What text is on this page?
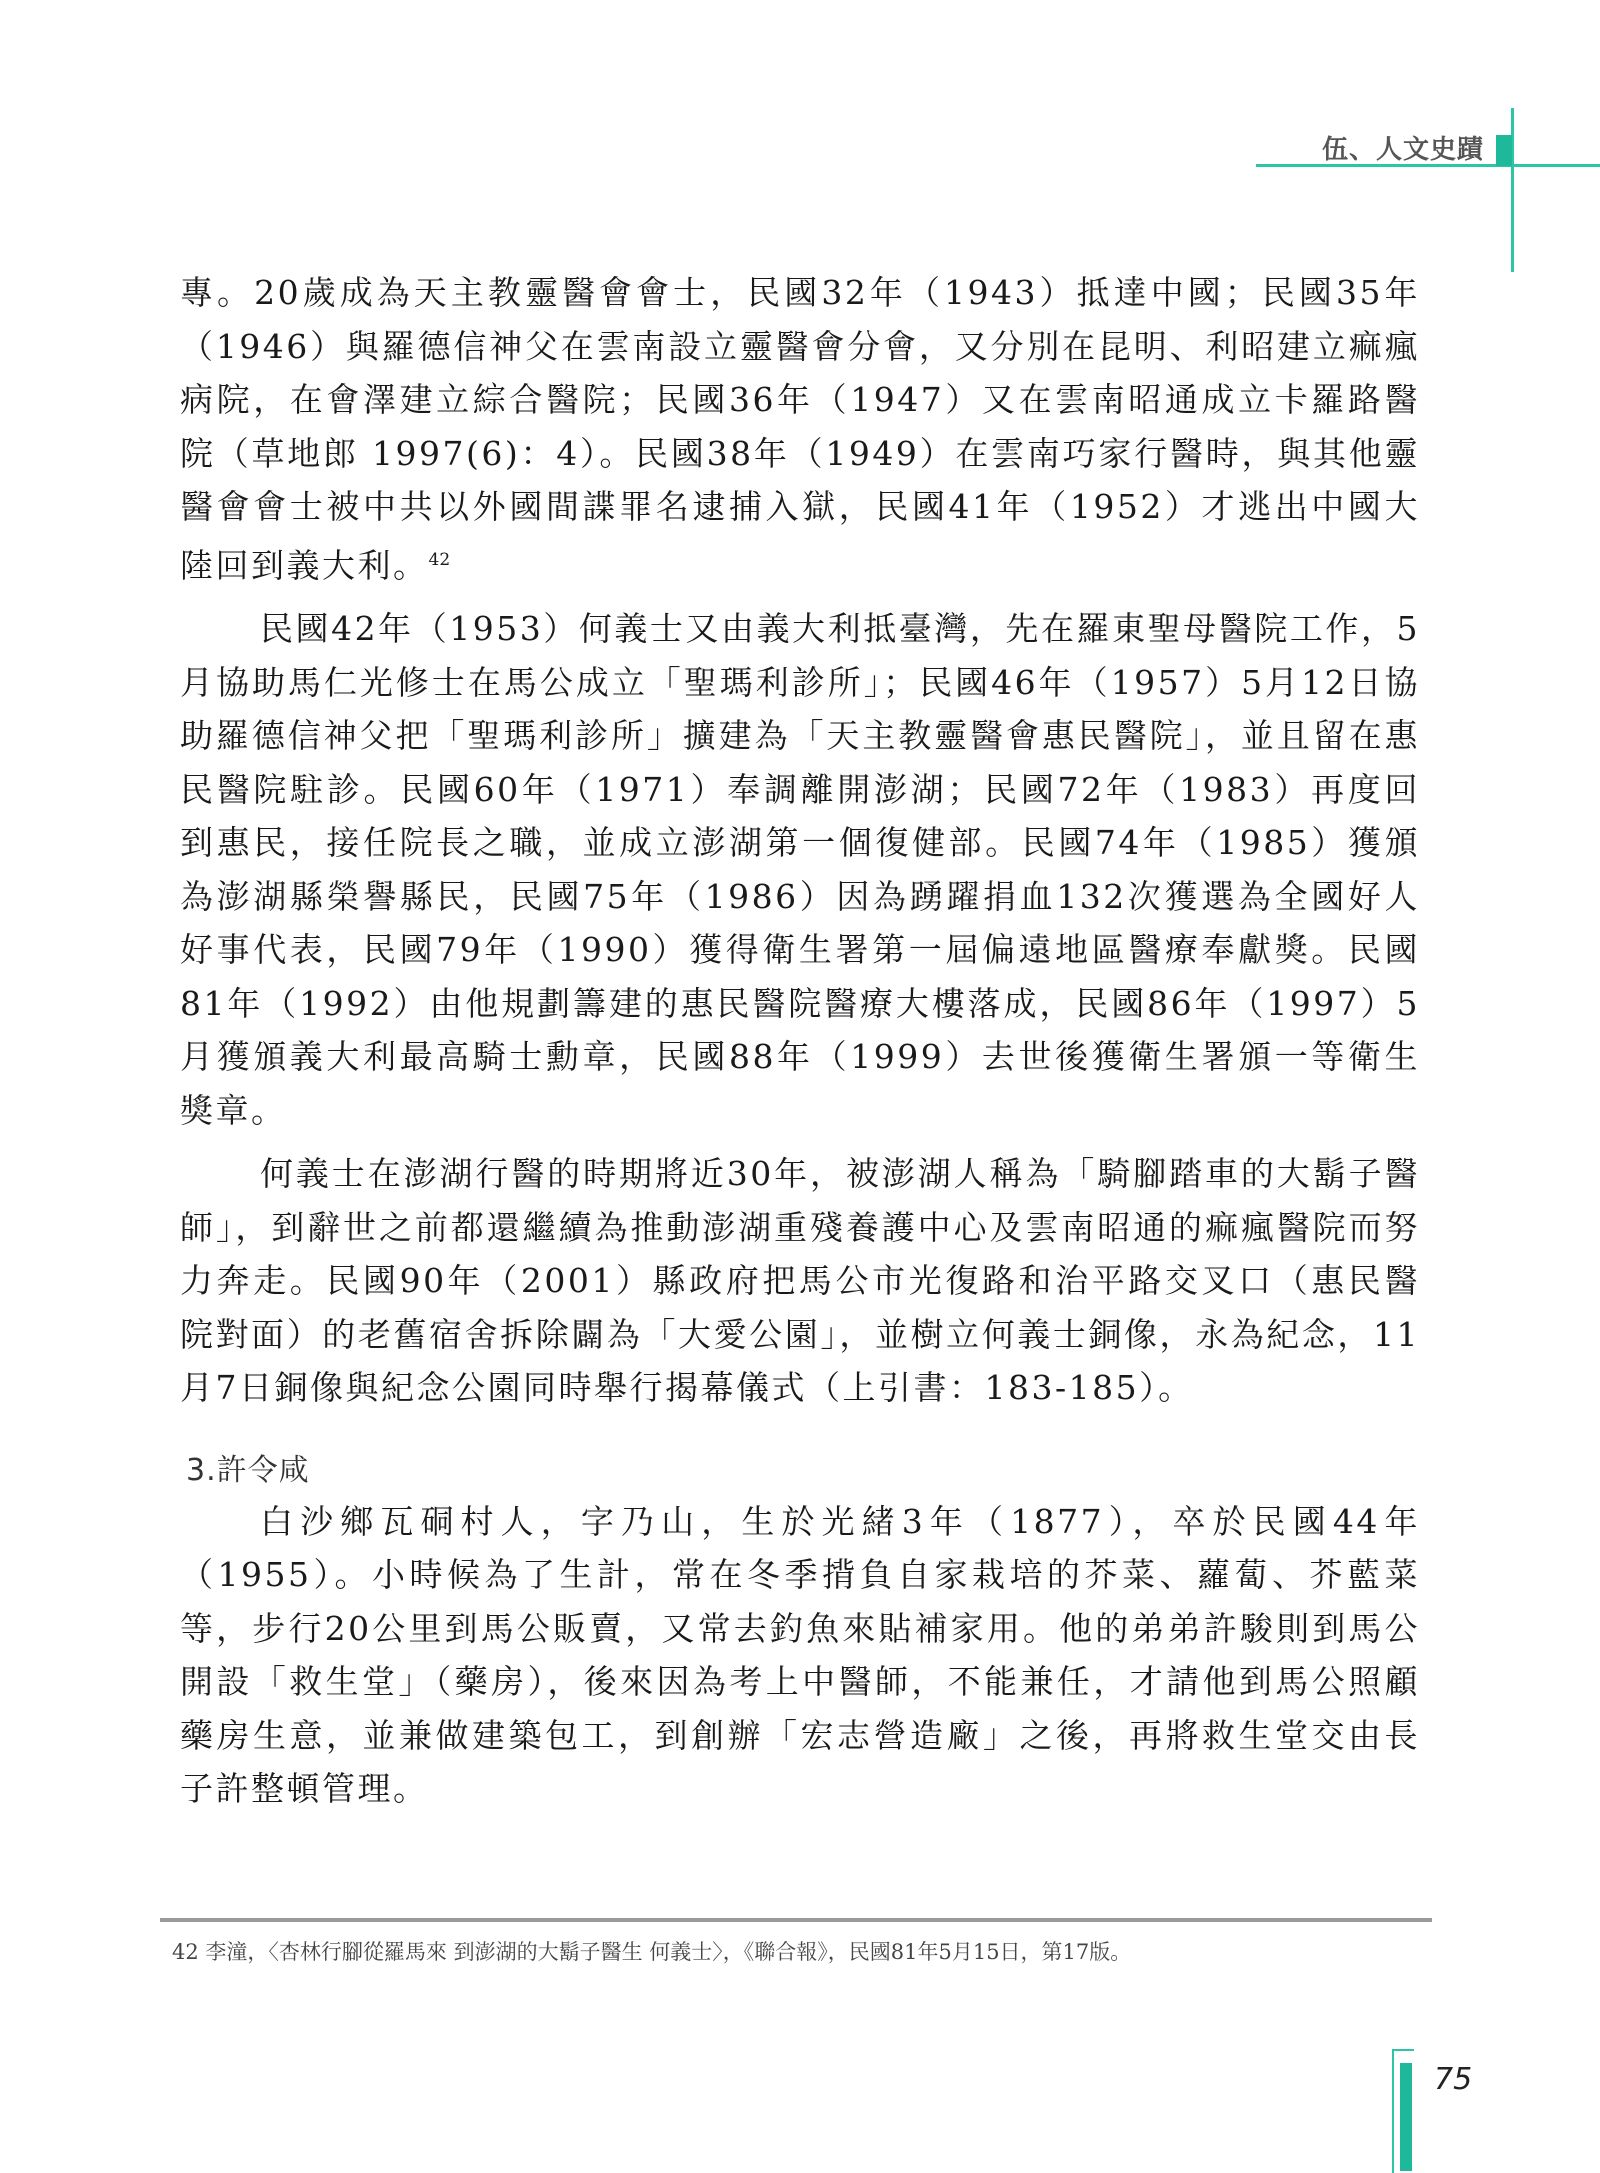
伍、人文史蹟

專。20歲成為天主教靈醫會會士，民國32年（1943）抵達中國；民國35年（1946）與羅德信神父在雲南設立靈醫會分會，又分別在昆明、利昭建立痲瘋病院，在會澤建立綜合醫院；民國36年（1947）又在雲南昭通成立卡羅路醫院（草地郎 1997(6)：4）。民國38年（1949）在雲南巧家行醫時，與其他靈醫會會士被中共以外國間諜罪名逮捕入獄，民國41年（1952）才逃出中國大陸回到義大利。$^{42}$

民國42年（1953）何義士又由義大利抵臺灣，先在羅東聖母醫院工作，5月協助馬仁光修士在馬公成立「聖瑪利診所」；民國46年（1957）5月12日協助羅德信神父把「聖瑪利診所」擴建為「天主教靈醫會惠民醫院」，並且留在惠民醫院駐診。民國60年（1971）奉調離開澎湖；民國72年（1983）再度回到惠民，接任院長之職，並成立澎湖第一個復健部。民國74年（1985）獲頒為澎湖縣榮譽縣民，民國75年（1986）因為踴躍捐血132次獲選為全國好人好事代表，民國79年（1990）獲得衛生署第一屆偏遠地區醫療奉獻獎。民國81年（1992）由他規劃籌建的惠民醫院醫療大樓落成，民國86年（1997）5月獲頒義大利最高騎士勳章，民國88年（1999）去世後獲衛生署頒一等衛生獎章。

何義士在澎湖行醫的時期將近30年，被澎湖人稱為「騎腳踏車的大鬍子醫師」，到辭世之前都還繼續為推動澎湖重殘養護中心及雲南昭通的痲瘋醫院而努力奔走。民國90年（2001）縣政府把馬公市光復路和治平路交叉口（惠民醫院對面）的老舊宿舍拆除闢為「大愛公園」，並樹立何義士銅像，永為紀念，11月7日銅像與紀念公園同時舉行揭幕儀式（上引書：183-185）。

3.許令咸

白沙鄉瓦硐村人，字乃山，生於光緒3年（1877），卒於民國44年（1955）。小時候為了生計，常在冬季揹負自家栽培的芥菜、蘿蔔、芥藍菜等，步行20公里到馬公販賣，又常去釣魚來貼補家用。他的弟弟許駿則到馬公開設「救生堂」（藥房），後來因為考上中醫師，不能兼任，才請他到馬公照顧藥房生意，並兼做建築包工，到創辦「宏志營造廠」之後，再將救生堂交由長子許整頓管理。

42 李潼，〈杏林行腳從羅馬來 到澎湖的大鬍子醫生 何義士〉，《聯合報》，民國81年5月15日，第17版。
75
